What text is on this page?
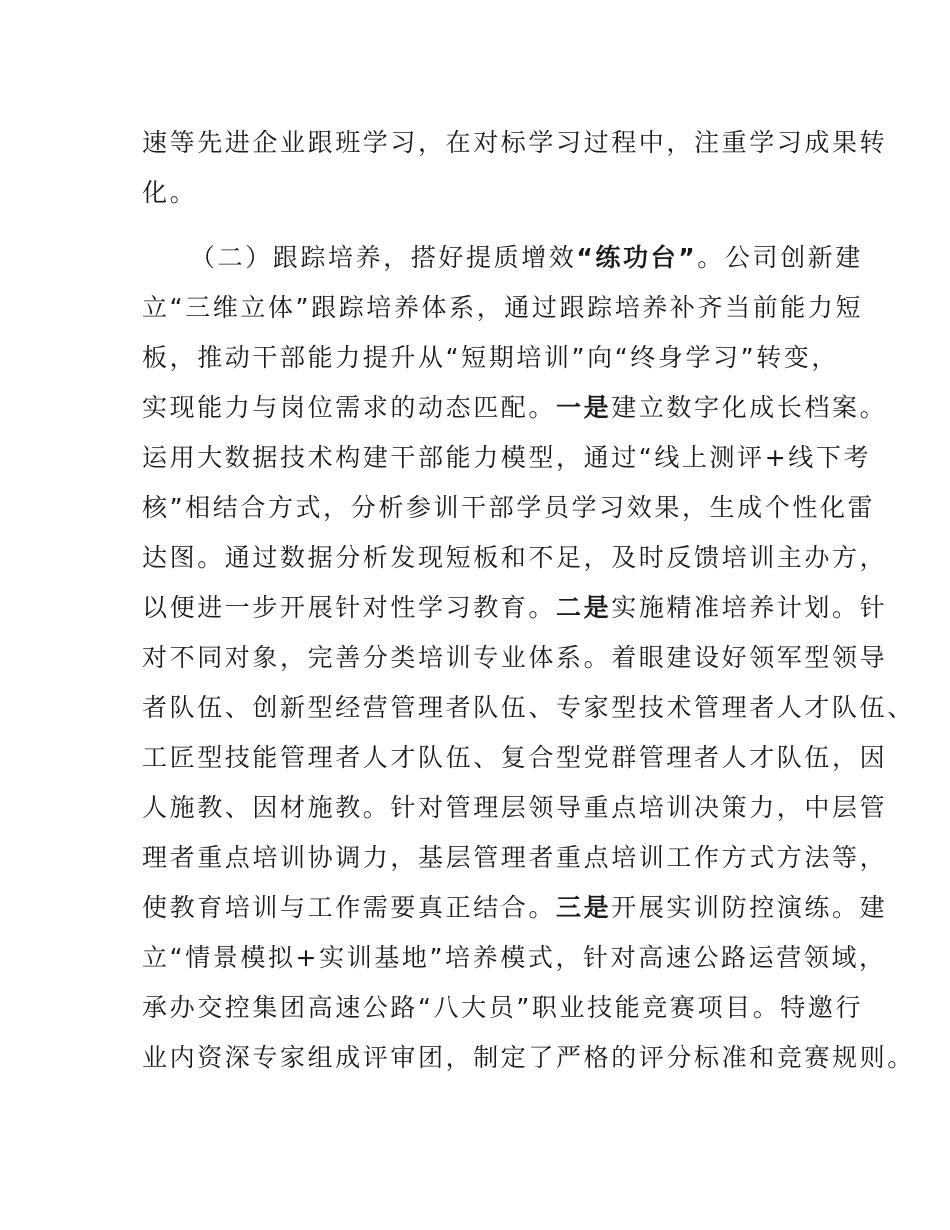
速等先进企业跟班学习，在对标学习过程中，注重学习成果转
化。
（二）跟踪培养，搭好提质增效“练功台”。公司创新建
立“三维立体”跟踪培养体系，通过跟踪培养补齐当前能力短
板，推动干部能力提升从“短期培训”向“终身学习”转变，
实现能力与岗位需求的动态匹配。一是建立数字化成长档案。
运用大数据技术构建干部能力模型，通过“线上测评+线下考
核”相结合方式，分析参训干部学员学习效果，生成个性化雷
达图。通过数据分析发现短板和不足，及时反馈培训主办方，
以便进一步开展针对性学习教育。二是实施精准培养计划。针
对不同对象，完善分类培训专业体系。着眼建设好领军型领导
者队伍、创新型经营管理者队伍、专家型技术管理者人才队伍、
工匠型技能管理者人才队伍、复合型党群管理者人才队伍，因
人施教、因材施教。针对管理层领导重点培训决策力，中层管
理者重点培训协调力，基层管理者重点培训工作方式方法等，
使教育培训与工作需要真正结合。三是开展实训防控演练。建
立“情景模拟+实训基地”培养模式，针对高速公路运营领域，
承办交控集团高速公路“八大员”职业技能竞赛项目。特邀行
业内资深专家组成评审团，制定了严格的评分标准和竞赛规则。
